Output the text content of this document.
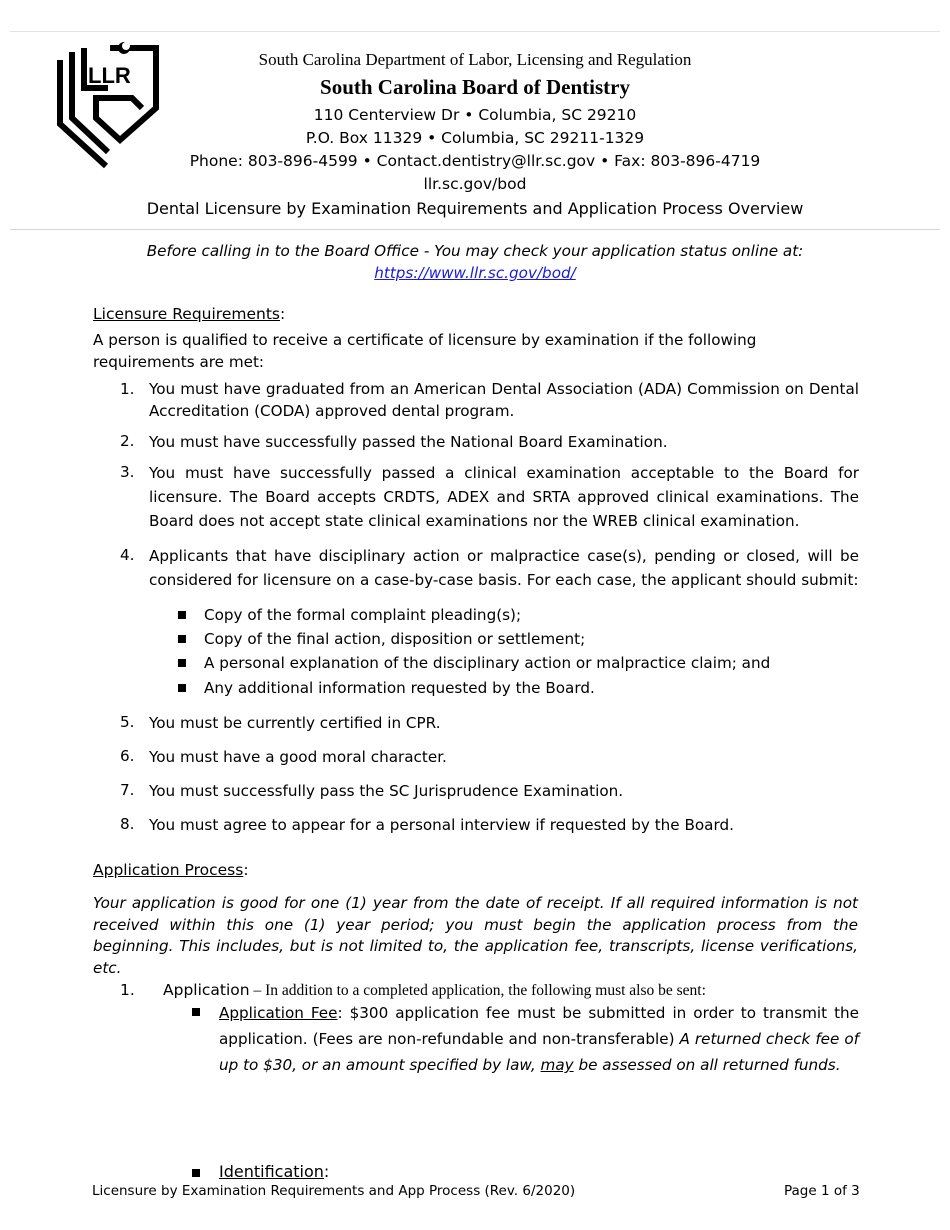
LLR
South Carolina Department of Labor, Licensing and Regulation
South Carolina Board of Dentistry
110 Centerview Dr • Columbia, SC 29210
P.O. Box 11329 • Columbia, SC 29211-1329
Phone: 803-896-4599 • Contact.dentistry@llr.sc.gov • Fax: 803-896-4719
llr.sc.gov/bod
Dental Licensure by Examination Requirements and Application Process Overview
Before calling in to the Board Office - You may check your application status online at:
https://www.llr.sc.gov/bod/
Licensure Requirements:
A person is qualified to receive a certificate of licensure by examination if the following requirements are met:
1. You must have graduated from an American Dental Association (ADA) Commission on Dental Accreditation (CODA) approved dental program.
2. You must have successfully passed the National Board Examination.
3. You must have successfully passed a clinical examination acceptable to the Board for licensure. The Board accepts CRDTS, ADEX and SRTA approved clinical examinations. The Board does not accept state clinical examinations nor the WREB clinical examination.
4. Applicants that have disciplinary action or malpractice case(s), pending or closed, will be considered for licensure on a case-by-case basis. For each case, the applicant should submit:
Copy of the formal complaint pleading(s);
Copy of the final action, disposition or settlement;
A personal explanation of the disciplinary action or malpractice claim; and
Any additional information requested by the Board.
5. You must be currently certified in CPR.
6. You must have a good moral character.
7. You must successfully pass the SC Jurisprudence Examination.
8. You must agree to appear for a personal interview if requested by the Board.
Application Process:
Your application is good for one (1) year from the date of receipt. If all required information is not received within this one (1) year period; you must begin the application process from the beginning. This includes, but is not limited to, the application fee, transcripts, license verifications, etc.
1. Application – In addition to a completed application, the following must also be sent:
Application Fee: $300 application fee must be submitted in order to transmit the application. (Fees are non-refundable and non-transferable) A returned check fee of up to $30, or an amount specified by law, may be assessed on all returned funds.
Identification:
Licensure by Examination Requirements and App Process (Rev. 6/2020)	Page 1 of 3
